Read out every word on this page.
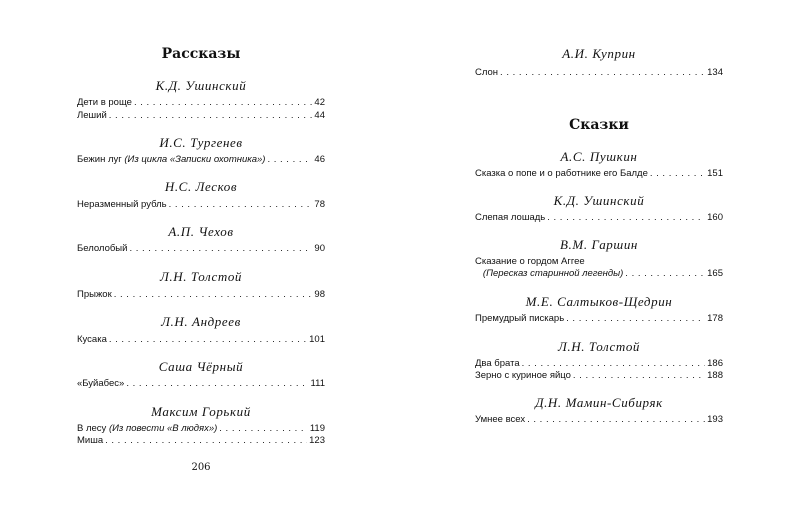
Рассказы
К.Д. Ушинский
Дети в роще . . .	42
Леший . . .	44
И.С. Тургенев
Бежин луг (Из цикла «Записки охотника») . . .	46
Н.С. Лесков
Неразменный рубль . . .	78
А.П. Чехов
Белолобый . . .	90
Л.Н. Толстой
Прыжок . . .	98
Л.Н. Андреев
Кусака . . .	101
Саша Чёрный
«Буйабес» . . .	111
Максим Горький
В лесу (Из повести «В людях») . . .	119
Миша . . .	123
А.И. Куприн
Слон . . .	134
Сказки
А.С. Пушкин
Сказка о попе и о работнике его Балде . . .	151
К.Д. Ушинский
Слепая лошадь . . .	160
В.М. Гаршин
Сказание о гордом Аггее
(Пересказ старинной легенды) . . .	165
М.Е. Салтыков-Щедрин
Премудрый пискарь . . .	178
Л.Н. Толстой
Два брата . . .	186
Зерно с куриное яйцо . . .	188
Д.Н. Мамин-Сибиряк
Умнее всех . . .	193
206
